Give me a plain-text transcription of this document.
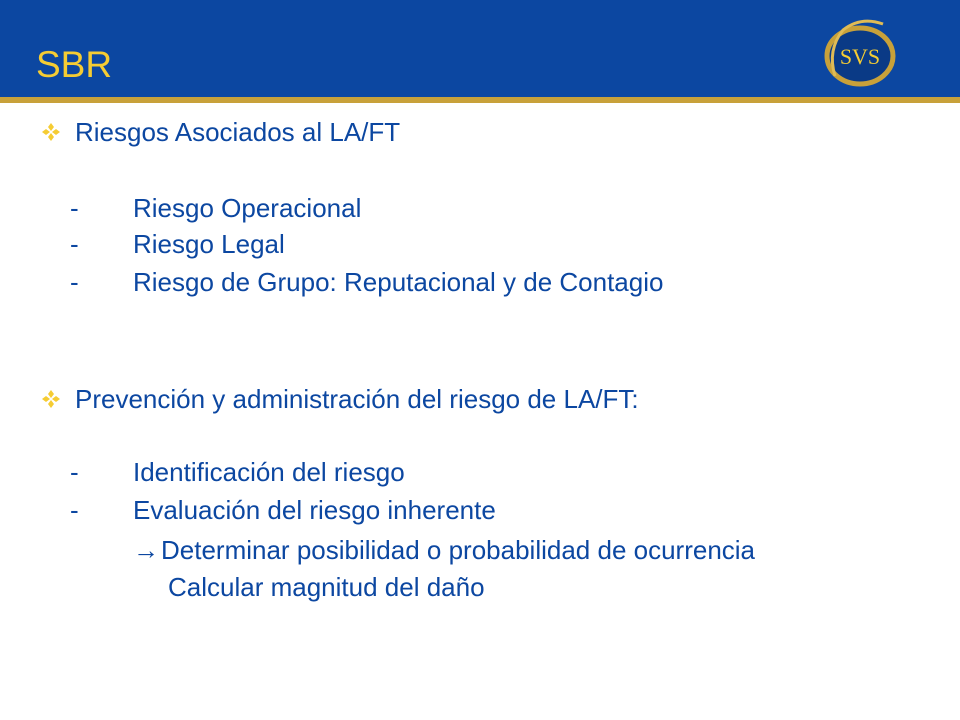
SBR	SVS
Riesgos Asociados al LA/FT
- Riesgo Operacional
- Riesgo Legal
- Riesgo de Grupo: Reputacional y de Contagio
Prevención y administración del riesgo de LA/FT:
- Identificación del riesgo
- Evaluación del riesgo inherente
→ Determinar posibilidad o probabilidad de ocurrencia
Calcular magnitud del daño
